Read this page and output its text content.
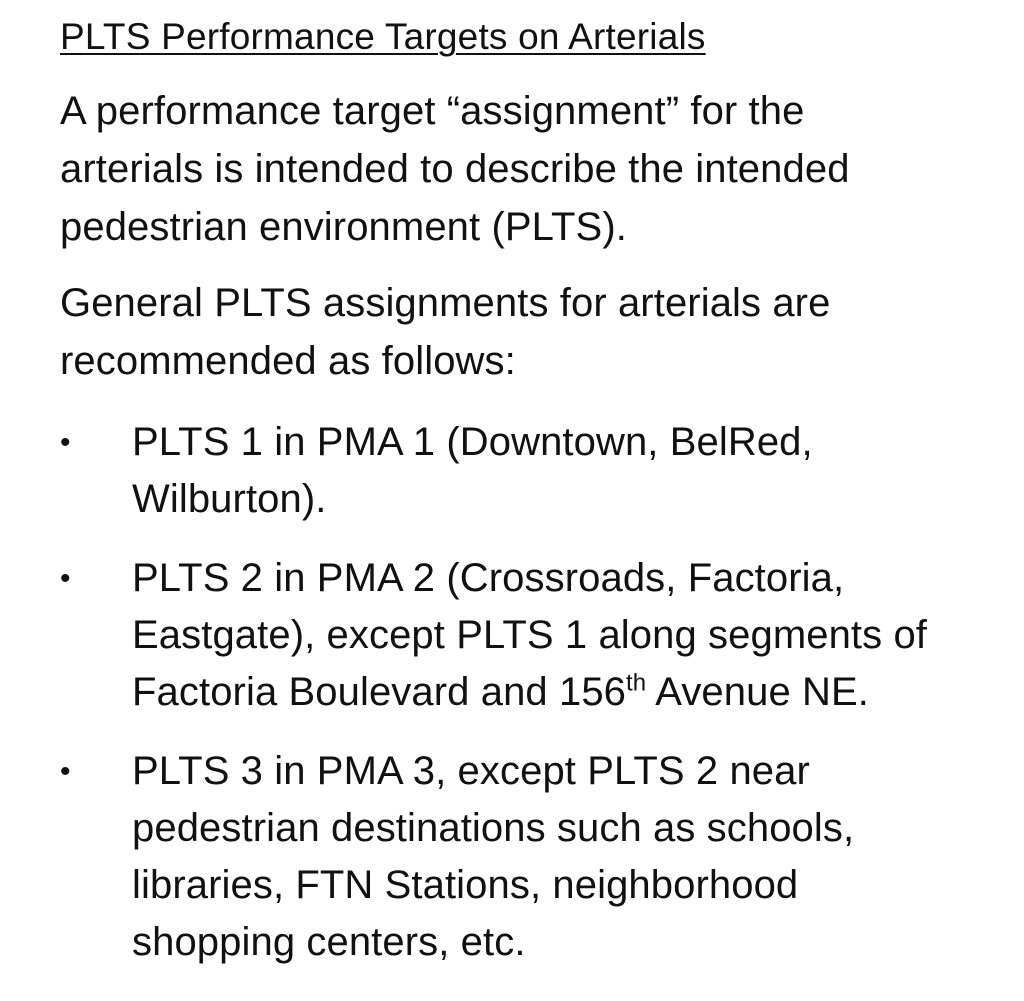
PLTS Performance Targets on Arterials

A performance target “assignment” for the arterials is intended to describe the intended pedestrian environment (PLTS).

General PLTS assignments for arterials are recommended as follows:

• PLTS 1 in PMA 1 (Downtown, BelRed, Wilburton).
• PLTS 2 in PMA 2 (Crossroads, Factoria, Eastgate), except PLTS 1 along segments of Factoria Boulevard and 156th Avenue NE.
• PLTS 3 in PMA 3, except PLTS 2 near pedestrian destinations such as schools, libraries, FTN Stations, neighborhood shopping centers, etc.
